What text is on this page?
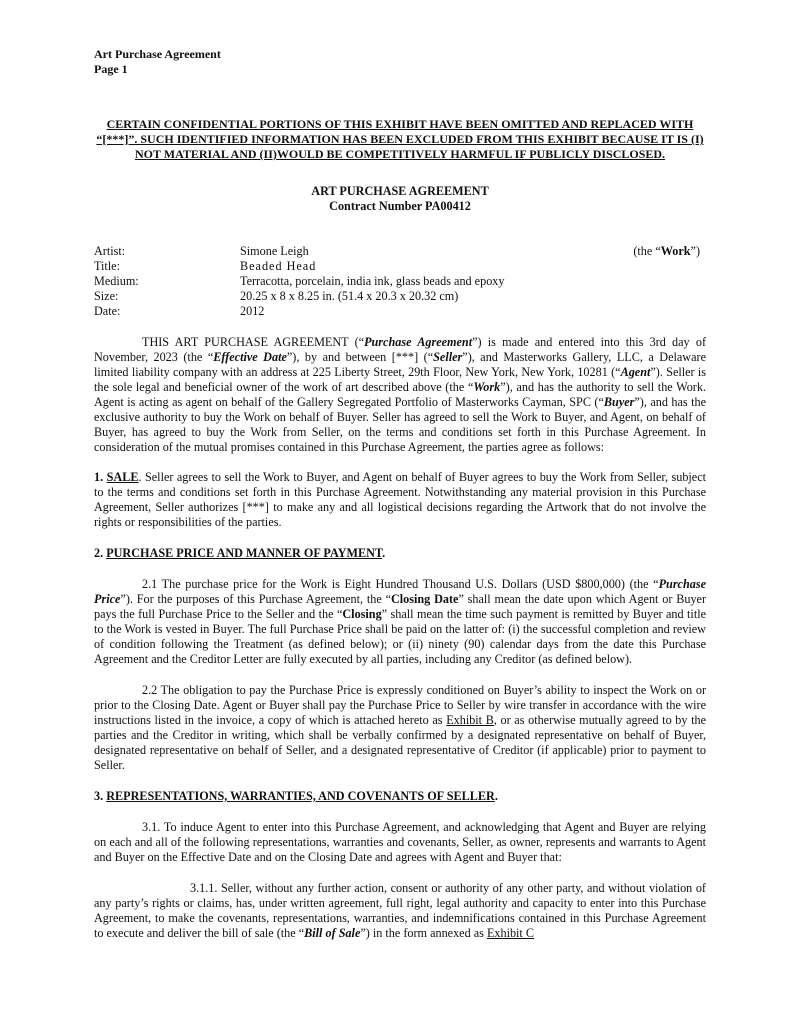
Art Purchase Agreement
Page 1
CERTAIN CONFIDENTIAL PORTIONS OF THIS EXHIBIT HAVE BEEN OMITTED AND REPLACED WITH “[***]”. SUCH IDENTIFIED INFORMATION HAS BEEN EXCLUDED FROM THIS EXHIBIT BECAUSE IT IS (I) NOT MATERIAL AND (II)WOULD BE COMPETITIVELY HARMFUL IF PUBLICLY DISCLOSED.
ART PURCHASE AGREEMENT
Contract Number PA00412
(the “Work”)
Artist:	Simone Leigh
Title:	Beaded Head
Medium:	Terracotta, porcelain, india ink, glass beads and epoxy
Size:	20.25 x 8 x 8.25 in. (51.4 x 20.3 x 20.32 cm)
Date:	2012

THIS ART PURCHASE AGREEMENT (“Purchase Agreement”) is made and entered into this 3rd day of November, 2023 (the “Effective Date”), by and between [***] (“Seller”), and Masterworks Gallery, LLC, a Delaware limited liability company with an address at 225 Liberty Street, 29th Floor, New York, New York, 10281 (“Agent”). Seller is the sole legal and beneficial owner of the work of art described above (the “Work”), and has the authority to sell the Work. Agent is acting as agent on behalf of the Gallery Segregated Portfolio of Masterworks Cayman, SPC (“Buyer”), and has the exclusive authority to buy the Work on behalf of Buyer. Seller has agreed to sell the Work to Buyer, and Agent, on behalf of Buyer, has agreed to buy the Work from Seller, on the terms and conditions set forth in this Purchase Agreement. In consideration of the mutual promises contained in this Purchase Agreement, the parties agree as follows:

1. SALE. Seller agrees to sell the Work to Buyer, and Agent on behalf of Buyer agrees to buy the Work from Seller, subject to the terms and conditions set forth in this Purchase Agreement. Notwithstanding any material provision in this Purchase Agreement, Seller authorizes [***] to make any and all logistical decisions regarding the Artwork that do not involve the rights or responsibilities of the parties.

2. PURCHASE PRICE AND MANNER OF PAYMENT.

2.1 The purchase price for the Work is Eight Hundred Thousand U.S. Dollars (USD $800,000) (the “Purchase Price”). For the purposes of this Purchase Agreement, the “Closing Date” shall mean the date upon which Agent or Buyer pays the full Purchase Price to the Seller and the “Closing” shall mean the time such payment is remitted by Buyer and title to the Work is vested in Buyer. The full Purchase Price shall be paid on the latter of: (i) the successful completion and review of condition following the Treatment (as defined below); or (ii) ninety (90) calendar days from the date this Purchase Agreement and the Creditor Letter are fully executed by all parties, including any Creditor (as defined below).

2.2 The obligation to pay the Purchase Price is expressly conditioned on Buyer’s ability to inspect the Work on or prior to the Closing Date. Agent or Buyer shall pay the Purchase Price to Seller by wire transfer in accordance with the wire instructions listed in the invoice, a copy of which is attached hereto as Exhibit B, or as otherwise mutually agreed to by the parties and the Creditor in writing, which shall be verbally confirmed by a designated representative on behalf of Buyer, designated representative on behalf of Seller, and a designated representative of Creditor (if applicable) prior to payment to Seller.

3. REPRESENTATIONS, WARRANTIES, AND COVENANTS OF SELLER.

3.1. To induce Agent to enter into this Purchase Agreement, and acknowledging that Agent and Buyer are relying on each and all of the following representations, warranties and covenants, Seller, as owner, represents and warrants to Agent and Buyer on the Effective Date and on the Closing Date and agrees with Agent and Buyer that:

3.1.1. Seller, without any further action, consent or authority of any other party, and without violation of any party’s rights or claims, has, under written agreement, full right, legal authority and capacity to enter into this Purchase Agreement, to make the covenants, representations, warranties, and indemnifications contained in this Purchase Agreement to execute and deliver the bill of sale (the “Bill of Sale”) in the form annexed as Exhibit C
